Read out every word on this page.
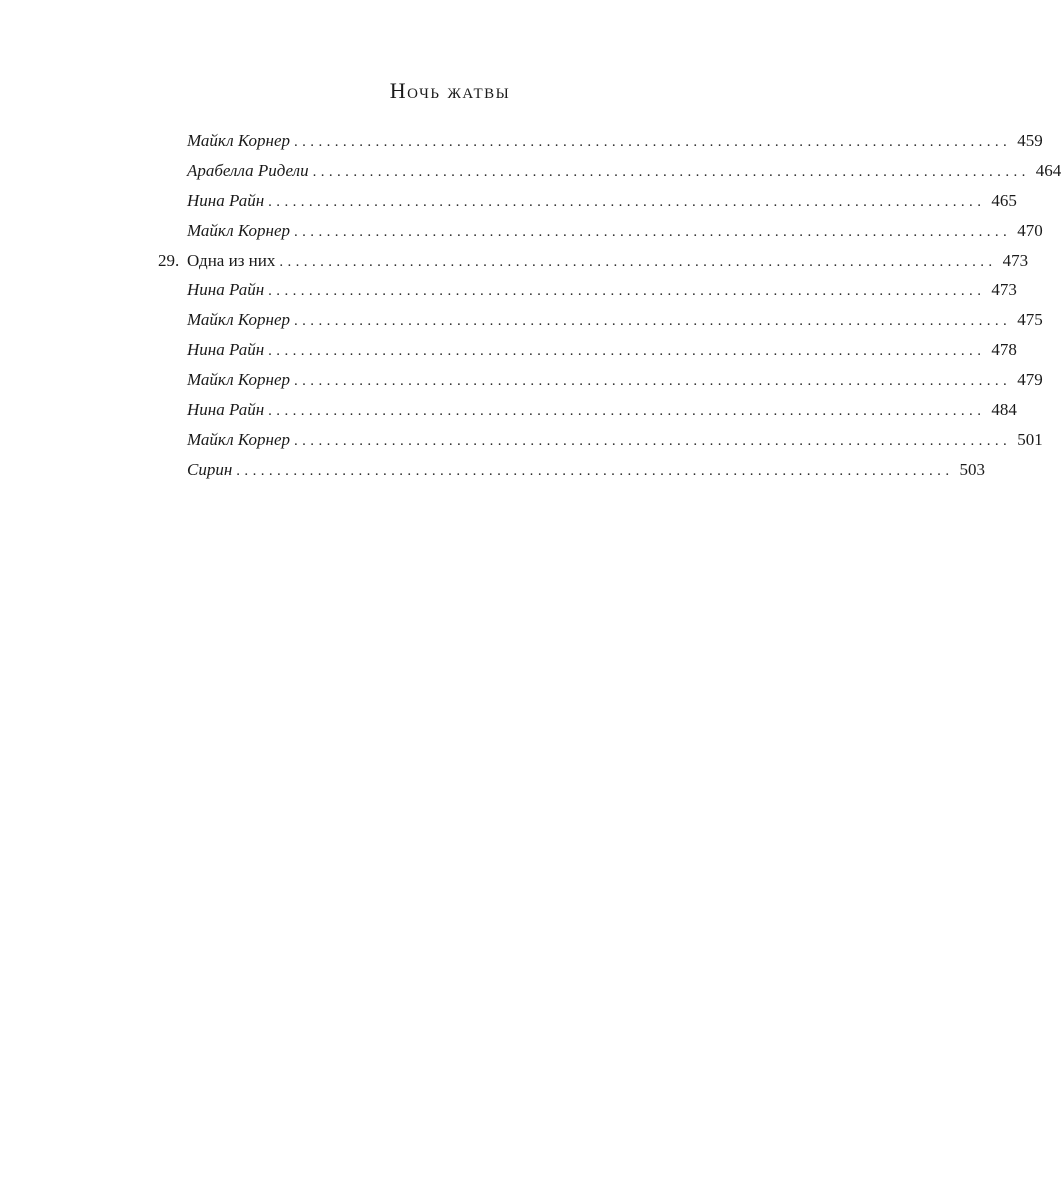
Ночь жатвы
Майкл Корнер ........................................................................................ 459
Арабелла Ридели ........................................................................................ 464
Нина Райн ........................................................................................ 465
Майкл Корнер ........................................................................................ 470
29. Одна из них ........................................................................................ 473
Нина Райн ........................................................................................ 473
Майкл Корнер ........................................................................................ 475
Нина Райн ........................................................................................ 478
Майкл Корнер ........................................................................................ 479
Нина Райн ........................................................................................ 484
Майкл Корнер ........................................................................................ 501
Сирин ........................................................................................ 503
